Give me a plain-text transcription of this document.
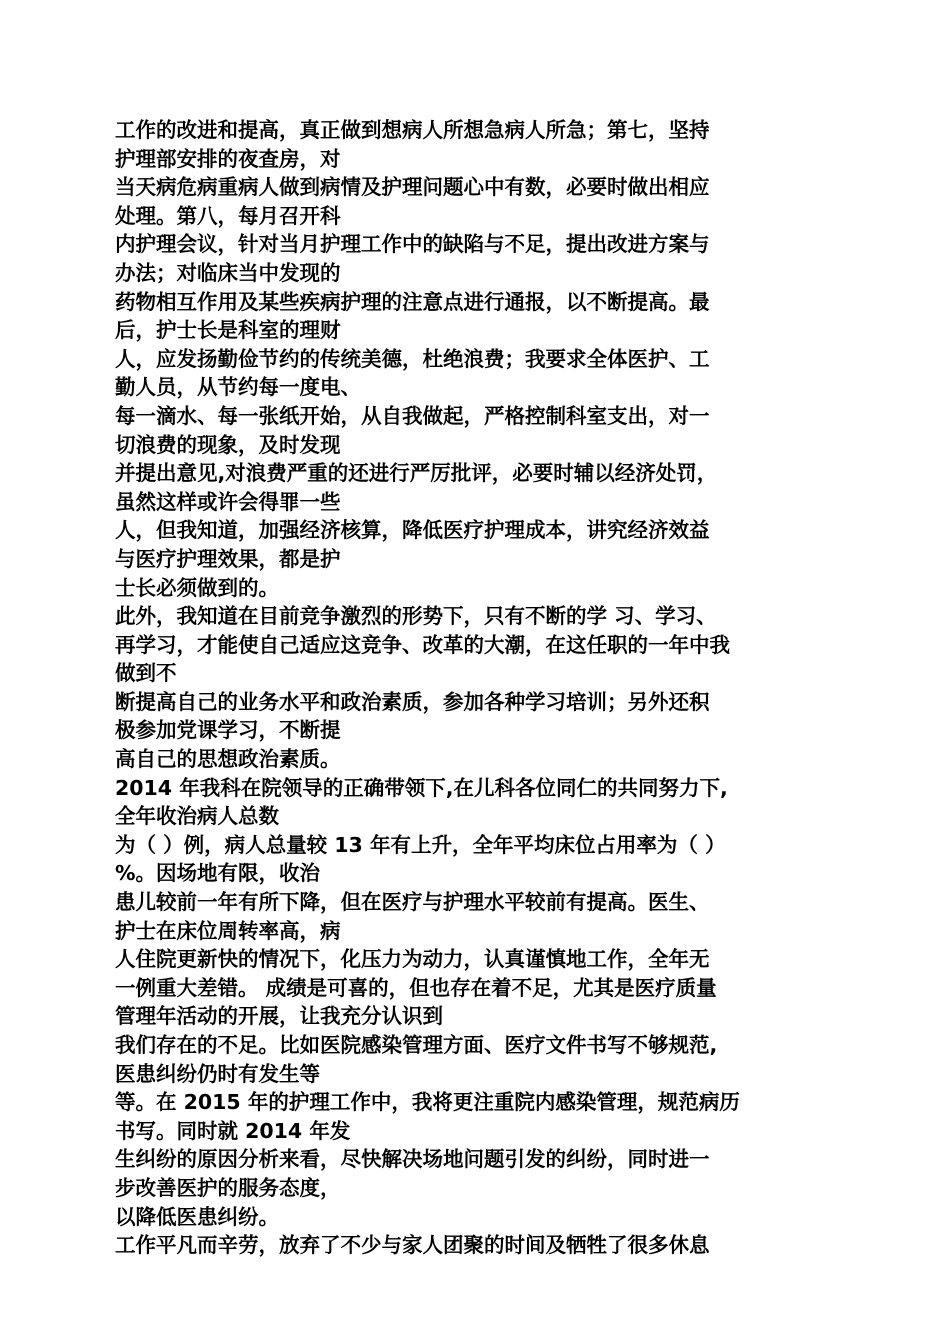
工作的改进和提高，真正做到想病人所想急病人所急；第七，坚持
护理部安排的夜查房，对
当天病危病重病人做到病情及护理问题心中有数，必要时做出相应
处理。第八，每月召开科
内护理会议，针对当月护理工作中的缺陷与不足，提出改进方案与
办法；对临床当中发现的
药物相互作用及某些疾病护理的注意点进行通报，以不断提高。最
后，护士长是科室的理财
人，应发扬勤俭节约的传统美德，杜绝浪费；我要求全体医护、工
勤人员，从节约每一度电、
每一滴水、每一张纸开始，从自我做起，严格控制科室支出，对一
切浪费的现象，及时发现
并提出意见,对浪费严重的还进行严厉批评，必要时辅以经济处罚，
虽然这样或许会得罪一些
人，但我知道，加强经济核算，降低医疗护理成本，讲究经济效益
与医疗护理效果，都是护
士长必须做到的。
此外，我知道在目前竞争激烈的形势下，只有不断的学 习、学习、
再学习，才能使自己适应这竞争、改革的大潮，在这任职的一年中我
做到不
断提高自己的业务水平和政治素质，参加各种学习培训；另外还积
极参加党课学习，不断提
高自己的思想政治素质。
2014 年我科在院领导的正确带领下,在儿科各位同仁的共同努力下,
全年收治病人总数
为（ ）例，病人总量较 13 年有上升，全年平均床位占用率为（ ）
%。因场地有限，收治
患儿较前一年有所下降，但在医疗与护理水平较前有提高。医生、
护士在床位周转率高，病
人住院更新快的情况下，化压力为动力，认真谨慎地工作，全年无
一例重大差错。 成绩是可喜的，但也存在着不足，尤其是医疗质量
管理年活动的开展，让我充分认识到
我们存在的不足。比如医院感染管理方面、医疗文件书写不够规范,
医患纠纷仍时有发生等
等。在 2015 年的护理工作中，我将更注重院内感染管理，规范病历
书写。同时就 2014 年发
生纠纷的原因分析来看，尽快解决场地问题引发的纠纷，同时进一
步改善医护的服务态度，
以降低医患纠纷。
工作平凡而辛劳，放弃了不少与家人团聚的时间及牺牲了很多休息
